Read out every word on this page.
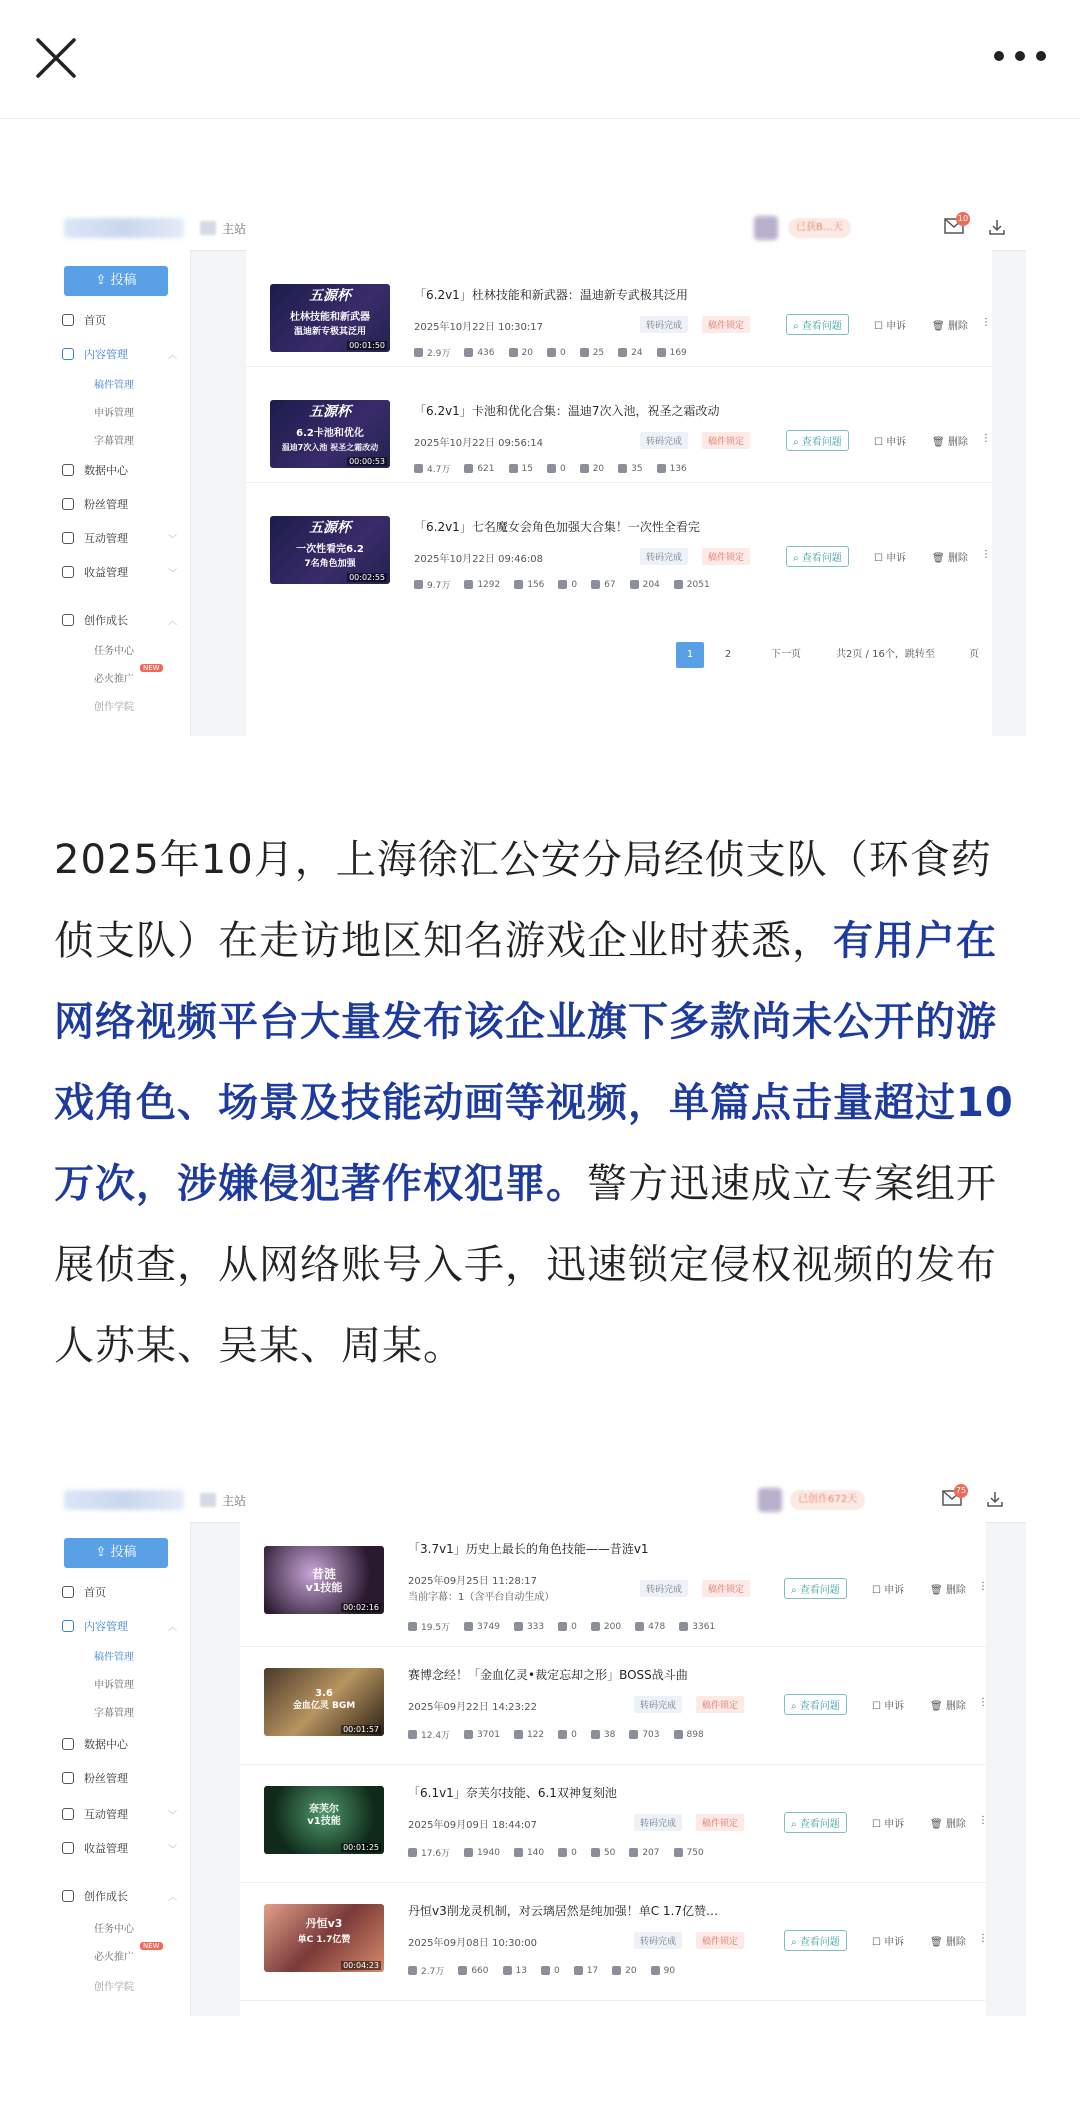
主站	已获B…天
10
⇪ 投稿
首页
内容管理	︿
稿件管理
申诉管理
字幕管理
数据中心
粉丝管理
互动管理	﹀
收益管理	﹀
创作成长	︿
任务中心
必火推广
NEW
创作学院
五源杯
杜林技能和新武器
温迪新专极其泛用
00:01:50
「6.2v1」杜林技能和新武器：温迪新专武极其泛用
2025年10月22日 10:30:17	转码完成	稿件锁定	⌕ 查看问题	☐ 申诉	🗑 删除 ⋮
2.9万	436	20	0	25	24	169
五源杯
6.2卡池和优化
温迪7次入池 祝圣之霜改动
00:00:53
「6.2v1」卡池和优化合集：温迪7次入池，祝圣之霜改动
2025年10月22日 09:56:14	转码完成	稿件锁定	⌕ 查看问题	☐ 申诉	🗑 删除 ⋮
4.7万	621	15	0	20	35	136
五源杯
一次性看完6.2
7名角色加强
00:02:55
「6.2v1」七名魔女会角色加强大合集！一次性全看完
2025年10月22日 09:46:08	转码完成	稿件锁定	⌕ 查看问题	☐ 申诉	🗑 删除 ⋮
9.7万	1292	156	0	67	204	2051
1	2	下一页	共2页 / 16个，跳转至	页
2025年10月，上海徐汇公安分局经侦支队（环食药侦支队）在走访地区知名游戏企业时获悉，有用户在网络视频平台大量发布该企业旗下多款尚未公开的游戏角色、场景及技能动画等视频，单篇点击量超过10万次，涉嫌侵犯著作权犯罪。警方迅速成立专案组开展侦查，从网络账号入手，迅速锁定侵权视频的发布人苏某、吴某、周某。
主站	已创作672天
75
⇪ 投稿
首页
内容管理	︿
稿件管理
申诉管理
字幕管理
数据中心
粉丝管理
互动管理	﹀
收益管理	﹀
创作成长	︿
任务中心
必火推广
NEW
创作学院
昔涟
v1技能
00:02:16
「3.7v1」历史上最长的角色技能——昔涟v1
2025年09月25日 11:28:17
当前字幕：1（含平台自动生成）
转码完成	稿件锁定	⌕ 查看问题	☐ 申诉	🗑 删除 ⋮
19.5万	3749	333	0	200	478	3361
3.6
金血亿灵 BGM
00:01:57
赛博念经！「金血亿灵•裁定忘却之形」BOSS战斗曲
2025年09月22日 14:23:22	转码完成	稿件锁定	⌕ 查看问题	☐ 申诉	🗑 删除 ⋮
12.4万	3701	122	0	38	703	898
奈芙尔
v1技能
00:01:25
「6.1v1」奈芙尔技能、6.1双神复刻池
2025年09月09日 18:44:07	转码完成	稿件锁定	⌕ 查看问题	☐ 申诉	🗑 删除 ⋮
17.6万	1940	140	0	50	207	750
丹恒v3
单C 1.7亿赞
00:04:23
丹恒v3削龙灵机制，对云璃居然是纯加强！单C 1.7亿赞…
2025年09月08日 10:30:00	转码完成	稿件锁定	⌕ 查看问题	☐ 申诉	🗑 删除 ⋮
2.7万	660	13	0	17	20	90
